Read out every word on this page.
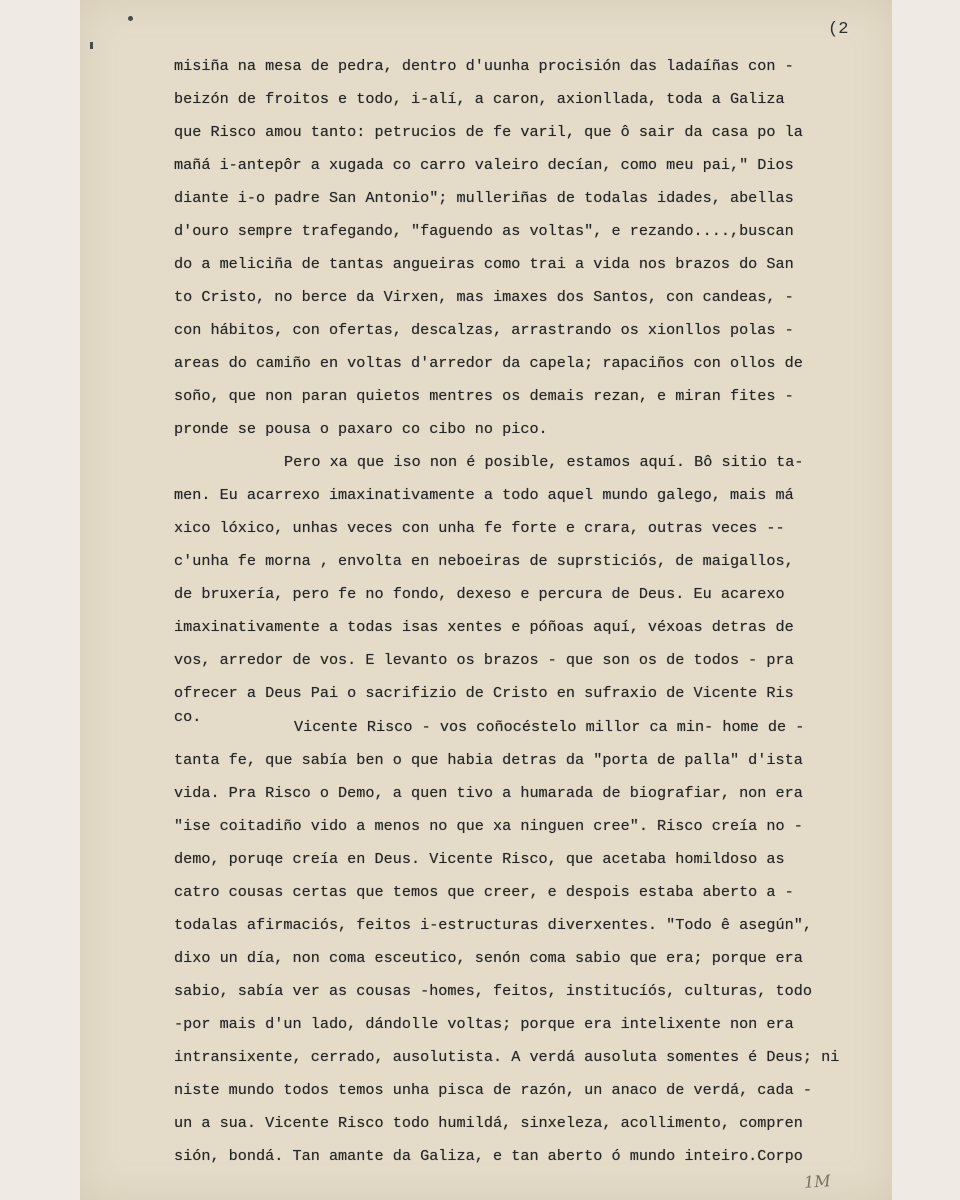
(2
misiña na mesa de pedra, dentro d'uunha procisión das ladaíñas con -
beizón de froitos e todo, i-alí, a caron, axionllada, toda a Galiza
que Risco amou tanto: petrucios de fe varil, que ô sair da casa po la
mañá i-antepôr a xugada co carro valeiro decían, como meu pai," Dios
diante i-o padre San Antonio"; mulleriñas de todalas idades, abellas
d'ouro sempre trafegando, "faguendo as voltas", e rezando....,buscan
do a meliciña de tantas angueiras como trai a vida nos brazos do San
to Cristo, no berce da Virxen, mas imaxes dos Santos, con candeas, -
con hábitos, con ofertas, descalzas, arrastrando os xionllos polas -
areas do camiño en voltas d'arredor da capela; rapaciños con ollos de
soño, que non paran quietos mentres os demais rezan, e miran fites -
pronde se pousa o paxaro co cibo no pico.
Pero xa que iso non é posible, estamos aquí. Bô sitio ta-
men. Eu acarrexo imaxinativamente a todo aquel mundo galego, mais má
xico lóxico, unhas veces con unha fe forte e crara, outras veces --
c'unha fe morna , envolta en neboeiras de suprsticiós, de maigallos,
de bruxería, pero fe no fondo, dexeso e percura de Deus. Eu acarexo
imaxinativamente a todas isas xentes e póñoas aquí, véxoas detras de
vos, arredor de vos. E levanto os brazos - que son os de todos - pra
ofrecer a Deus Pai o sacrifizio de Cristo en sufraxio de Vicente Ris
co.
Vicente Risco - vos coñocéstelo millor ca min- home de -
tanta fe, que sabía ben o que habia detras da "porta de palla" d'ista
vida. Pra Risco o Demo, a quen tivo a humarada de biografiar, non era
"ise coitadiño vido a menos no que xa ninguen cree". Risco creía no -
demo, poruqe creía en Deus. Vicente Risco, que acetaba homildoso as
catro cousas certas que temos que creer, e despois estaba aberto a -
todalas afirmaciós, feitos i-estructuras diverxentes. "Todo ê asegún",
dixo un día, non coma esceutico, senón coma sabio que era; porque era
sabio, sabía ver as cousas -homes, feitos, institucíós, culturas, todo
-por mais d'un lado, dándolle voltas; porque era intelixente non era
intransixente, cerrado, ausolutista. A verdá ausoluta somentes é Deus; ni
niste mundo todos temos unha pisca de razón, un anaco de verdá, cada -
un a sua. Vicente Risco todo humildá, sinxeleza, acollimento, compren
sión, bondá. Tan amante da Galiza, e tan aberto ó mundo inteiro.Corpo
1M
